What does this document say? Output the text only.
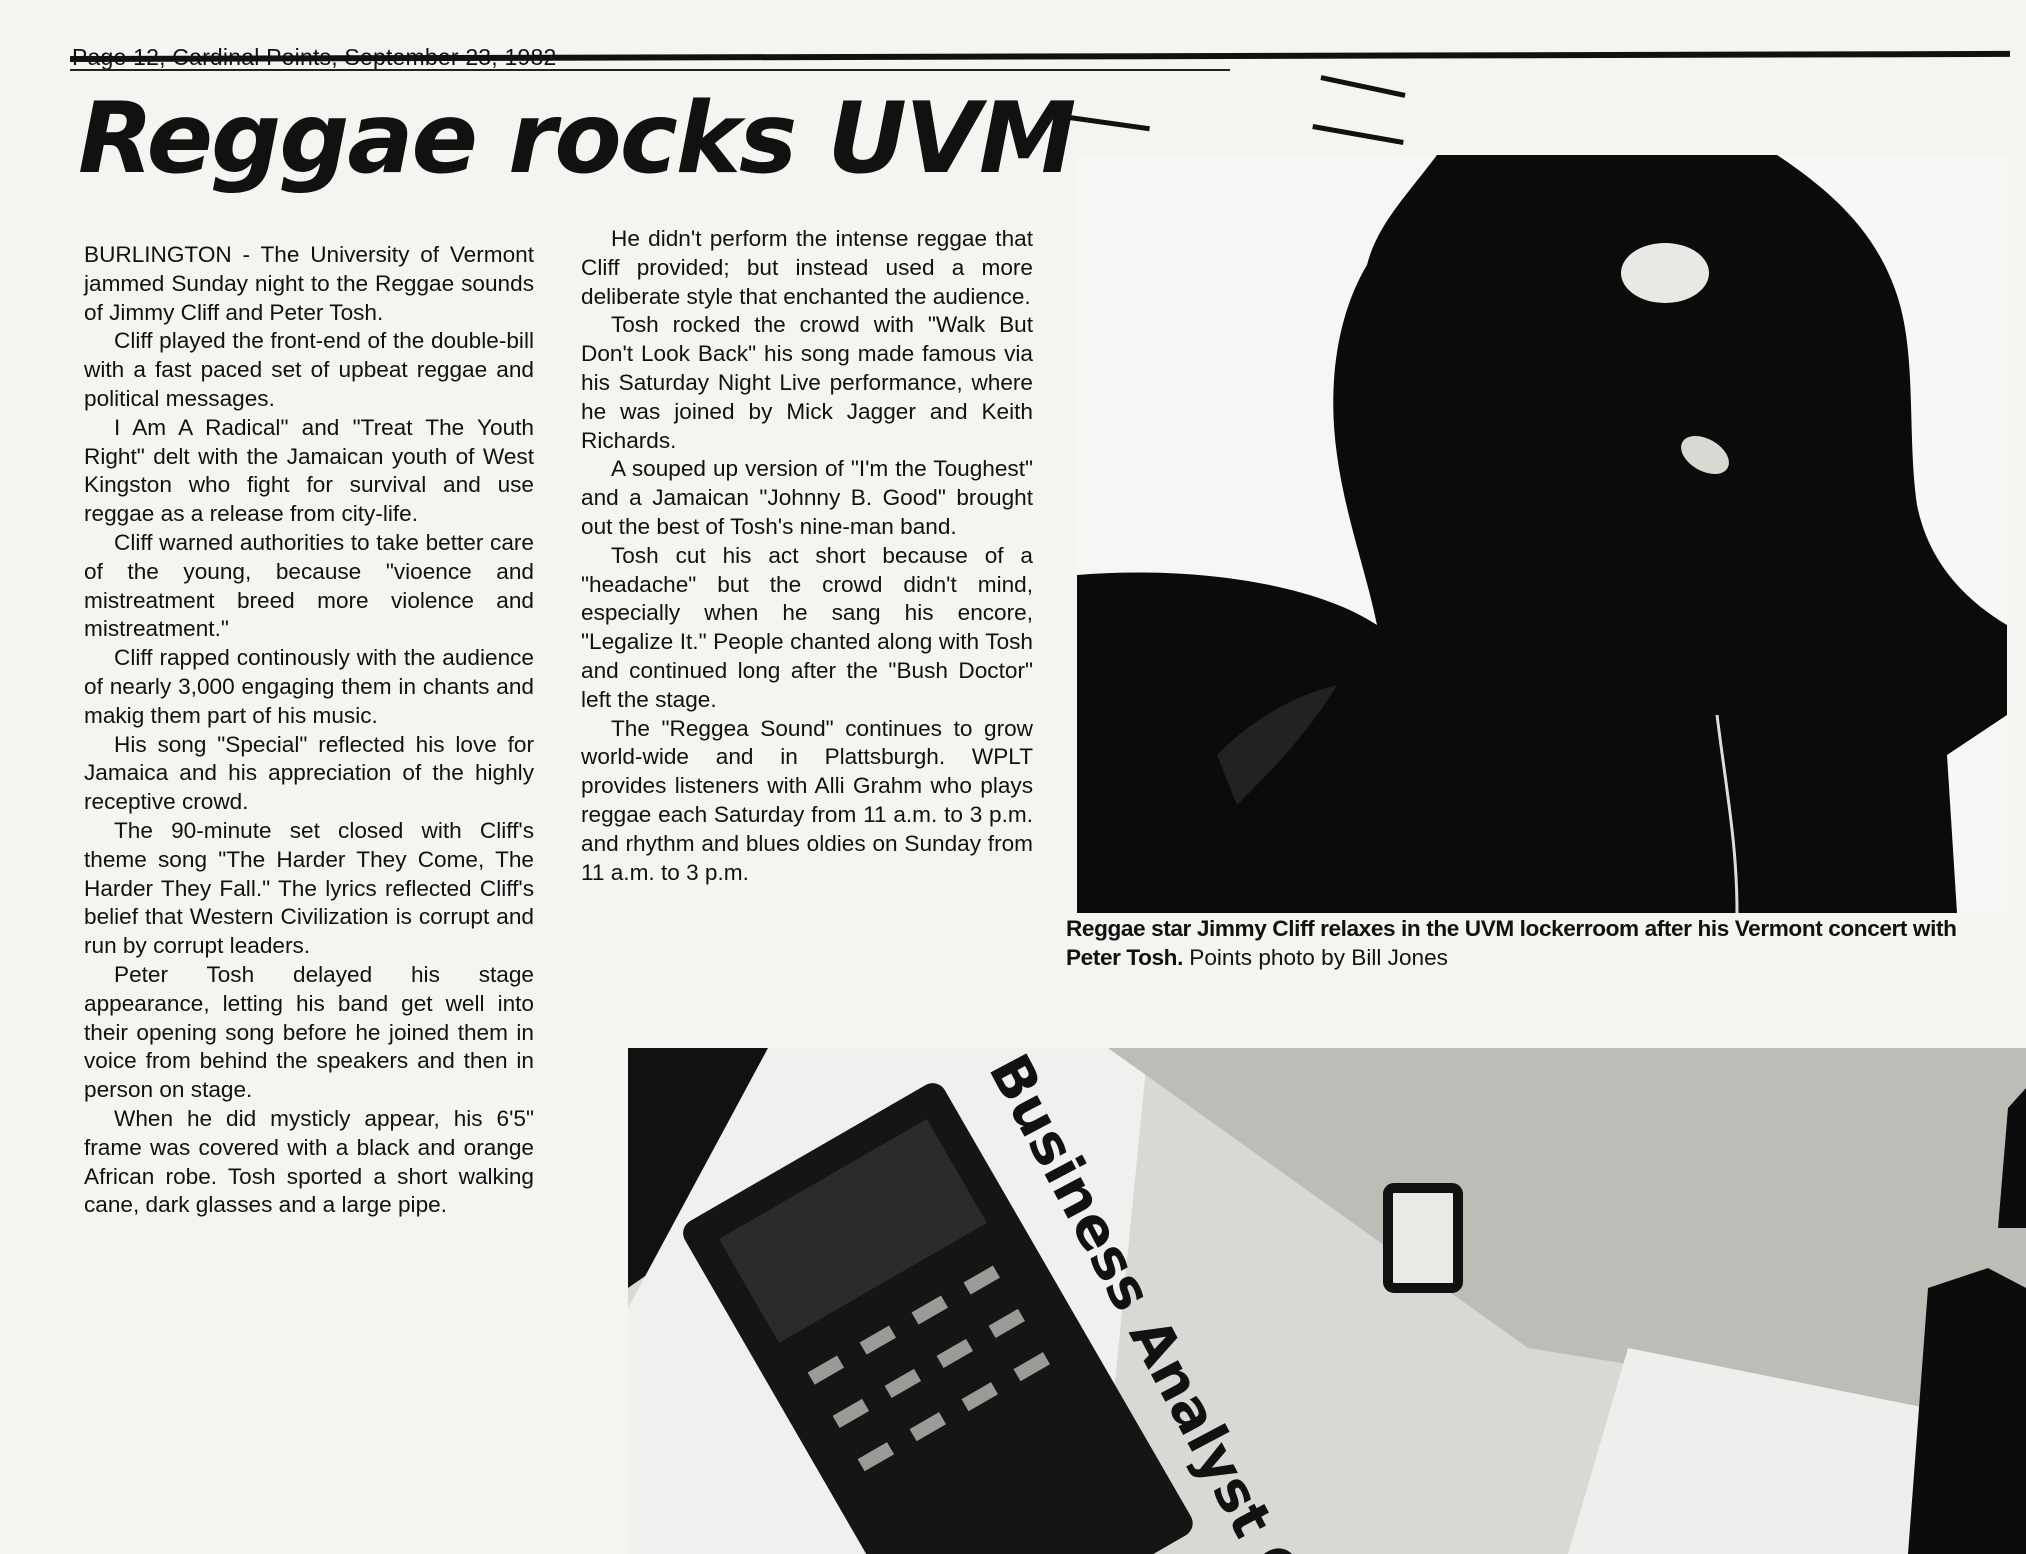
Reggae rocks UVM

BURLINGTON - The University of Vermont jammed Sunday night to the Reggae sounds of Jimmy Cliff and Peter Tosh.

Cliff played the front-end of the double-bill with a fast paced set of upbeat reggae and political messages.

I Am A Radical" and "Treat The Youth Right" delt with the Jamaican youth of West Kingston who fight for survival and use reggae as a release from city-life.

Cliff warned authorities to take better care of the young, because "vioence and mistreatment breed more violence and mistreatment."

Cliff rapped continously with the audience of nearly 3,000 engaging them in chants and makig them part of his music.

His song "Special" reflected his love for Jamaica and his appreciation of the highly receptive crowd.

The 90-minute set closed with Cliff's theme song "The Harder They Come, The Harder They Fall." The lyrics reflected Cliff's belief that Western Civilization is corrupt and run by corrupt leaders.

Peter Tosh delayed his stage appearance, letting his band get well into their opening song before he joined them in voice from behind the speakers and then in person on stage.

When he did mysticly appear, his 6'5" frame was covered with a black and orange African robe. Tosh sported a short walking cane, dark glasses and a large pipe.

He didn't perform the intense reggae that Cliff provided; but instead used a more deliberate style that enchanted the audience.

Tosh rocked the crowd with "Walk But Don't Look Back" his song made famous via his Saturday Night Live performance, where he was joined by Mick Jagger and Keith Richards.

A souped up version of "I'm the Toughest" and a Jamaican "Johnny B. Good" brought out the best of Tosh's nine-man band.

Tosh cut his act short because of a "headache" but the crowd didn't mind, especially when he sang his encore, "Legalize It." People chanted along with Tosh and continued long after the "Bush Doctor" left the stage.

The "Reggea Sound" continues to grow world-wide and in Plattsburgh. WPLT provides listeners with Alli Grahm who plays reggae each Saturday from 11 a.m. to 3 p.m. and rhythm and blues oldies on Sunday from 11 a.m. to 3 p.m.

Reggae star Jimmy Cliff relaxes in the UVM lockerroom after his Vermont concert with Peter Tosh. Points photo by Bill Jones
